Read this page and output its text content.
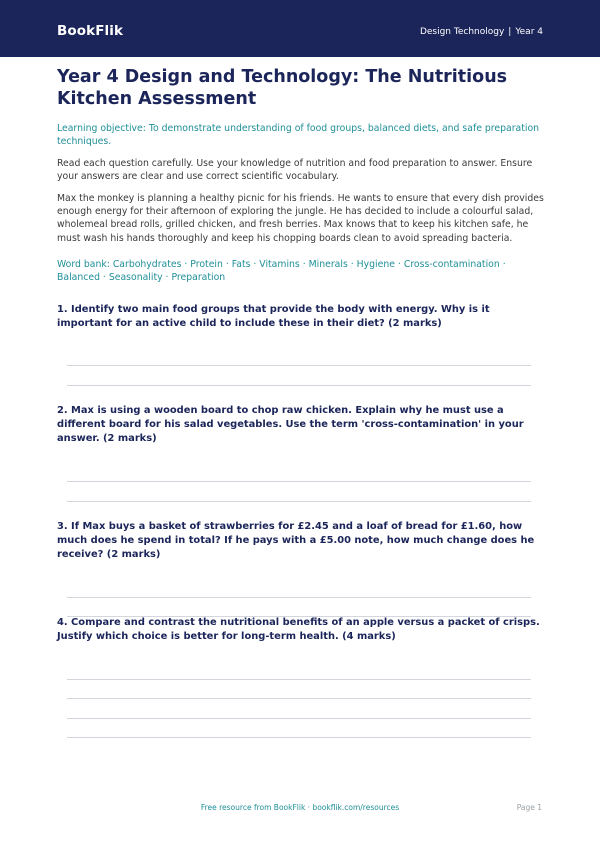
BookFlik	Design Technology | Year 4
Year 4 Design and Technology: The Nutritious Kitchen Assessment

Learning objective: To demonstrate understanding of food groups, balanced diets, and safe preparation techniques.

Read each question carefully. Use your knowledge of nutrition and food preparation to answer. Ensure your answers are clear and use correct scientific vocabulary.

Max the monkey is planning a healthy picnic for his friends. He wants to ensure that every dish provides enough energy for their afternoon of exploring the jungle. He has decided to include a colourful salad, wholemeal bread rolls, grilled chicken, and fresh berries. Max knows that to keep his kitchen safe, he must wash his hands thoroughly and keep his chopping boards clean to avoid spreading bacteria.

Word bank: Carbohydrates · Protein · Fats · Vitamins · Minerals · Hygiene · Cross-contamination · Balanced · Seasonality · Preparation

1. Identify two main food groups that provide the body with energy. Why is it important for an active child to include these in their diet? (2 marks)

2. Max is using a wooden board to chop raw chicken. Explain why he must use a different board for his salad vegetables. Use the term 'cross-contamination' in your answer. (2 marks)

3. If Max buys a basket of strawberries for £2.45 and a loaf of bread for £1.60, how much does he spend in total? If he pays with a £5.00 note, how much change does he receive? (2 marks)

4. Compare and contrast the nutritional benefits of an apple versus a packet of crisps. Justify which choice is better for long-term health. (4 marks)

Free resource from BookFlik · bookflik.com/resources	Page 1
